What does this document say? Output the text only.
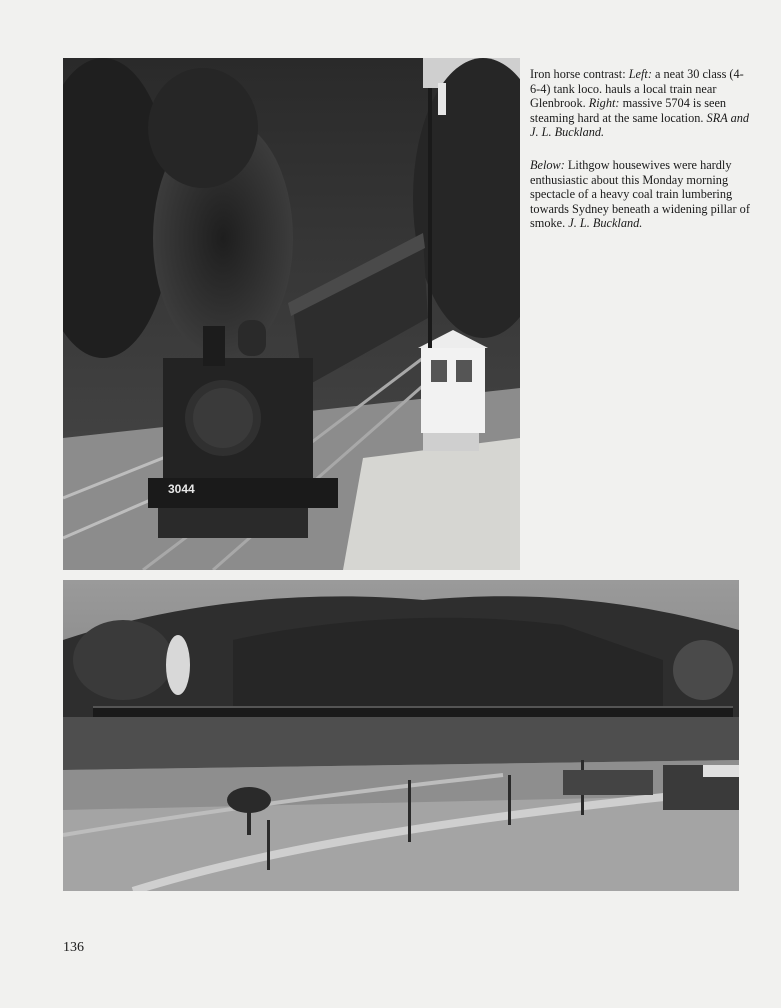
3044

Iron horse contrast: Left: a neat 30 class (4-6-4) tank loco. hauls a local train near Glenbrook. Right: massive 5704 is seen steaming hard at the same location. SRA and J. L. Buckland.

Below: Lithgow housewives were hardly enthusiastic about this Monday morning spectacle of a heavy coal train lumbering towards Sydney beneath a widening pillar of smoke. J. L. Buckland.

136
